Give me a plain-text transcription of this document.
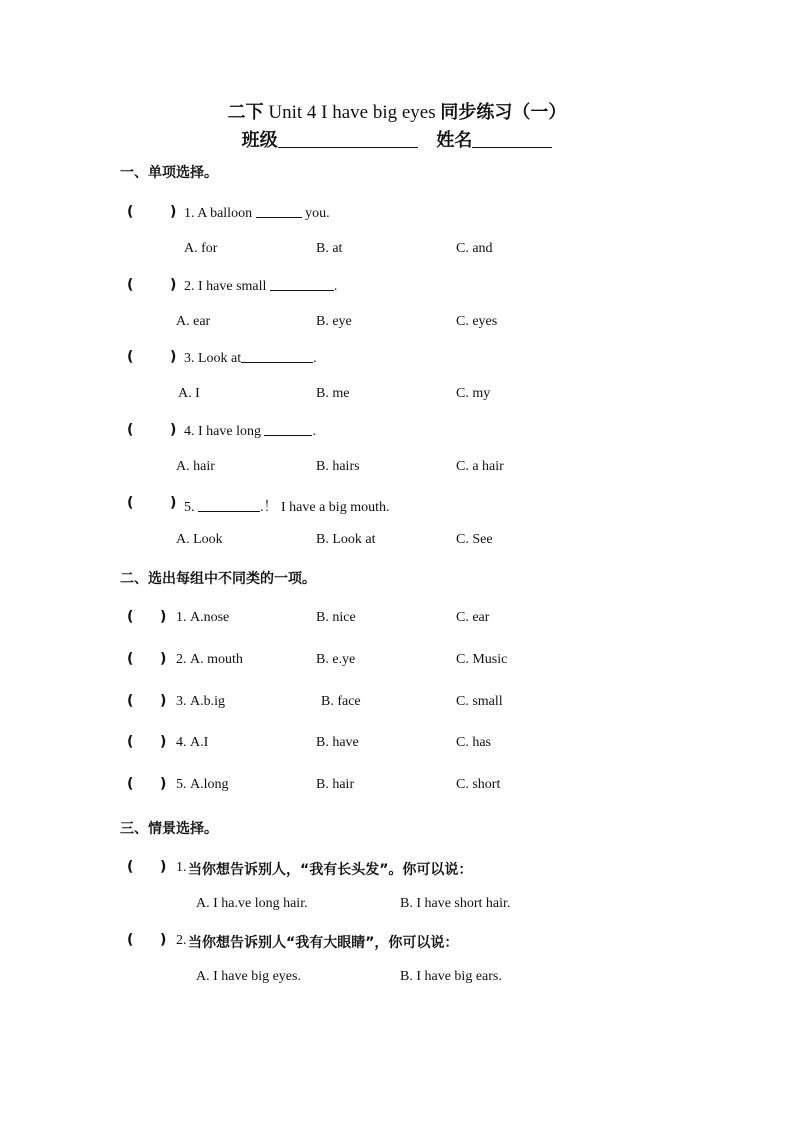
二下 Unit 4 I have big eyes 同步练习（一）
班级	姓名
一、单项选择。
(	) 1. A balloon	you.
A. for	B. at	C. and
(	) 2. I have small	.
A. ear	B. eye	C. eyes
(	) 3. Look at	.
A. I	B. me	C. my
(	) 4. I have long	.
A. hair	B. hairs	C. a hair
(	) 5.	.！ I have a big mouth.
A. Look	B. Look at	C. See
二、选出每组中不同类的一项。
( ) 1. A.nose	B. nice	C. ear
( ) 2. A. mouth	B. e.ye	C. Music
( ) 3. A.b.ig	B. face	C. small
( ) 4. A.I	B. have	C. has
( ) 5. A.long	B. hair	C. short
三、情景选择。
( ) 1. 当你想告诉别人，“我有长头发”。你可以说：
A. I ha.ve long hair.	B. I have short hair.
( ) 2. 当你想告诉别人“我有大眼睛”，你可以说：
A. I have big eyes.	B. I have big ears.
